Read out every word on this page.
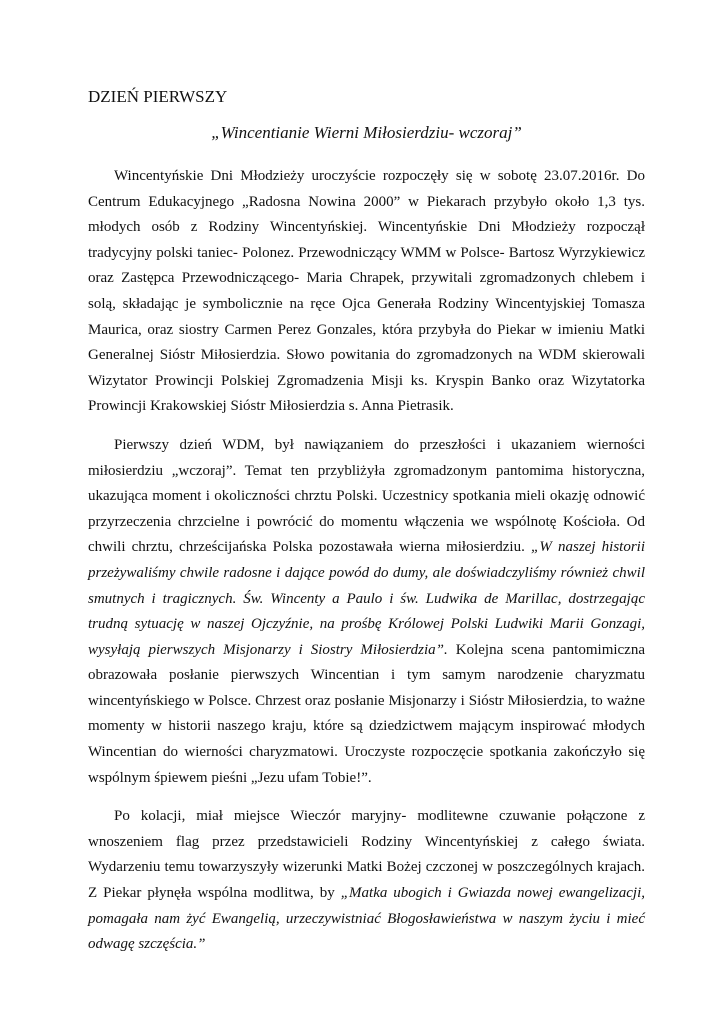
DZIEŃ PIERWSZY
„Wincentianie Wierni Miłosierdziu- wczoraj”

Wincentyńskie Dni Młodzieży uroczyście rozpoczęły się w sobotę 23.07.2016r. Do Centrum Edukacyjnego „Radosna Nowina 2000” w Piekarach przybyło około 1,3 tys. młodych osób z Rodziny Wincentyńskiej. Wincentyńskie Dni Młodzieży rozpoczął tradycyjny polski taniec- Polonez. Przewodniczący WMM w Polsce- Bartosz Wyrzykiewicz oraz Zastępca Przewodniczącego- Maria Chrapek, przywitali zgromadzonych chlebem i solą, składając je symbolicznie na ręce Ojca Generała Rodziny Wincentyjskiej Tomasza Maurica, oraz siostry Carmen Perez Gonzales, która przybyła do Piekar w imieniu Matki Generalnej Sióstr Miłosierdzia. Słowo powitania do zgromadzonych na WDM skierowali Wizytator Prowincji Polskiej Zgromadzenia Misji ks. Kryspin Banko oraz Wizytatorka Prowincji Krakowskiej Sióstr Miłosierdzia s. Anna Pietrasik.

Pierwszy dzień WDM, był nawiązaniem do przeszłości i ukazaniem wierności miłosierdziu „wczoraj”. Temat ten przybliżyła zgromadzonym pantomima historyczna, ukazująca moment i okoliczności chrztu Polski. Uczestnicy spotkania mieli okazję odnowić przyrzeczenia chrzcielne i powrócić do momentu włączenia we wspólnotę Kościoła. Od chwili chrztu, chrześcijańska Polska pozostawała wierna miłosierdziu. „W naszej historii przeżywaliśmy chwile radosne i dające powód do dumy, ale doświadczyliśmy również chwil smutnych i tragicznych. Św. Wincenty a Paulo i św. Ludwika de Marillac, dostrzegając trudną sytuację w naszej Ojczyźnie, na prośbę Królowej Polski Ludwiki Marii Gonzagi, wysyłają pierwszych Misjonarzy i Siostry Miłosierdzia”. Kolejna scena pantomimiczna obrazowała posłanie pierwszych Wincentian i tym samym narodzenie charyzmatu wincentyńskiego w Polsce. Chrzest oraz posłanie Misjonarzy i Sióstr Miłosierdzia, to ważne momenty w historii naszego kraju, które są dziedzictwem mającym inspirować młodych Wincentian do wierności charyzmatowi. Uroczyste rozpoczęcie spotkania zakończyło się wspólnym śpiewem pieśni „Jezu ufam Tobie!”.

Po kolacji, miał miejsce Wieczór maryjny- modlitewne czuwanie połączone z wnoszeniem flag przez przedstawicieli Rodziny Wincentyńskiej z całego świata. Wydarzeniu temu towarzyszyły wizerunki Matki Bożej czczonej w poszczególnych krajach. Z Piekar płynęła wspólna modlitwa, by „Matka ubogich i Gwiazda nowej ewangelizacji, pomagała nam żyć Ewangelią, urzeczywistniać Błogosławieństwa w naszym życiu i mieć odwagę szczęścia.”
